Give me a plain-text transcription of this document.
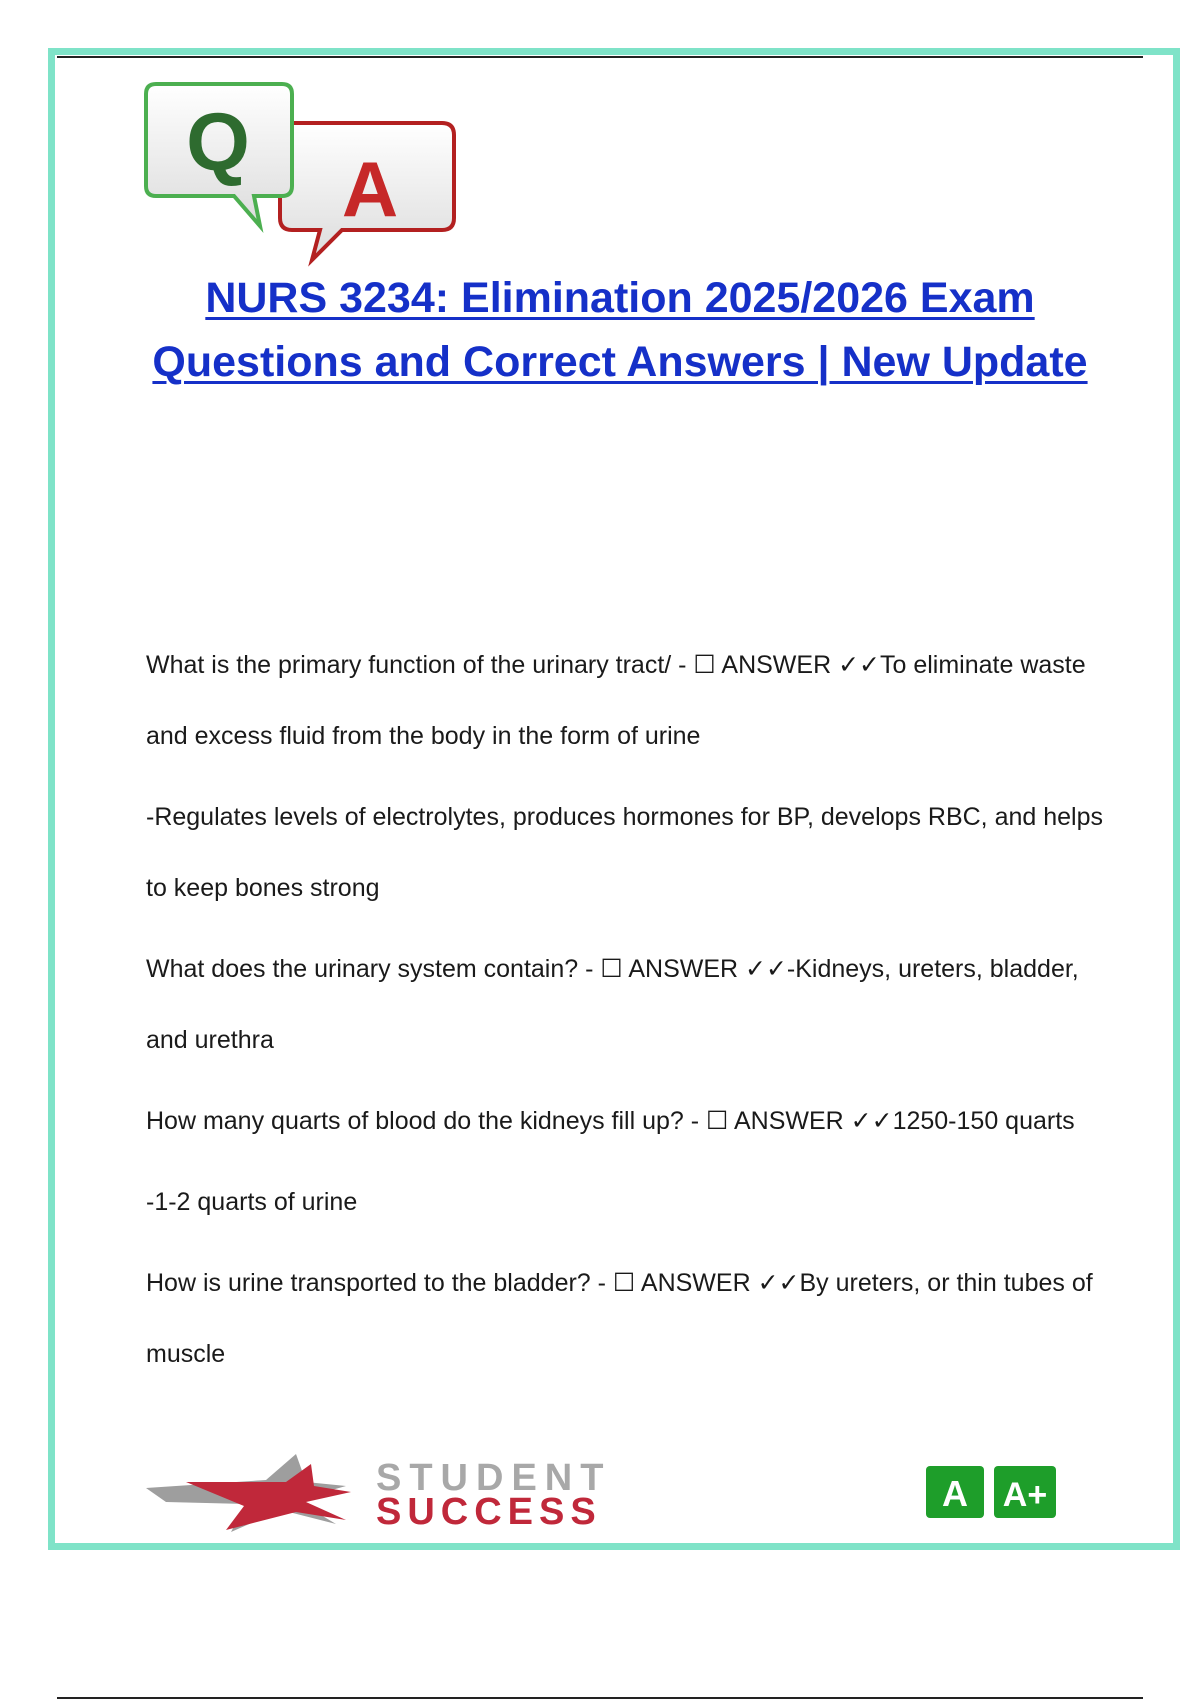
A
Q
NURS 3234: Elimination 2025/2026 Exam Questions and Correct Answers | New Update

What is the primary function of the urinary tract/ - ☐ ANSWER ✓✓To eliminate waste and excess fluid from the body in the form of urine

-Regulates levels of electrolytes, produces hormones for BP, develops RBC, and helps to keep bones strong

What does the urinary system contain? - ☐ ANSWER ✓✓-Kidneys, ureters, bladder, and urethra

How many quarts of blood do the kidneys fill up? - ☐ ANSWER ✓✓1250-150 quarts

-1-2 quarts of urine

How is urine transported to the bladder? - ☐ ANSWER ✓✓By ureters, or thin tubes of muscle

STUDENT
SUCCESS	A A+
